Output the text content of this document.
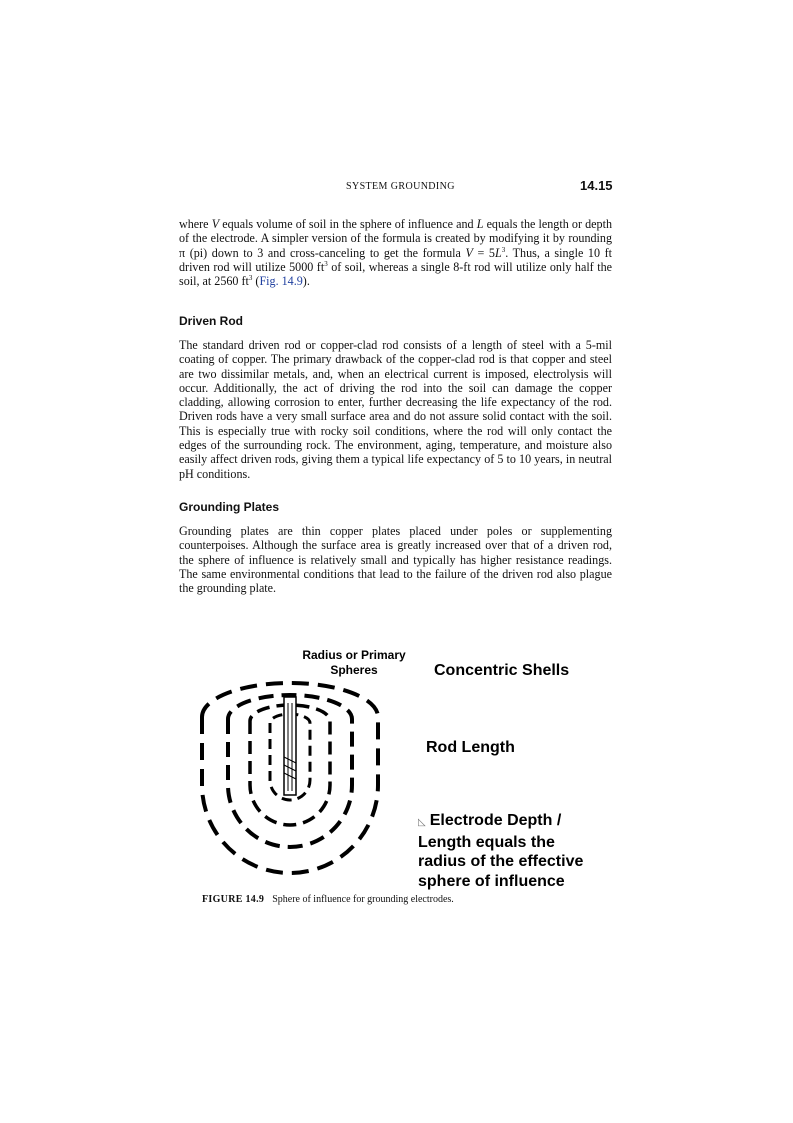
SYSTEM GROUNDING	14.15

where V equals volume of soil in the sphere of influence and L equals the length or depth of the electrode. A simpler version of the formula is created by modifying it by rounding π (pi) down to 3 and cross-canceling to get the formula $V = 5L^3$. Thus, a single 10 ft driven rod will utilize 5000 $ft^3$ of soil, whereas a single 8-ft rod will utilize only half the soil, at 2560 $ft^3$ (Fig. 14.9).

Driven Rod

The standard driven rod or copper-clad rod consists of a length of steel with a 5-mil coating of copper. The primary drawback of the copper-clad rod is that copper and steel are two dissimilar metals, and, when an electrical current is imposed, electrolysis will occur. Additionally, the act of driving the rod into the soil can damage the copper cladding, allowing corrosion to enter, further decreasing the life expectancy of the rod. Driven rods have a very small surface area and do not assure solid contact with the soil. This is especially true with rocky soil conditions, where the rod will only contact the edges of the surrounding rock. The environment, aging, temperature, and moisture also easily affect driven rods, giving them a typical life expectancy of 5 to 10 years, in neutral pH conditions.

Grounding Plates

Grounding plates are thin copper plates placed under poles or supplementing counterpoises. Although the surface area is greatly increased over that of a driven rod, the sphere of influence is relatively small and typically has higher resistance readings. The same environmental conditions that lead to the failure of the driven rod also plague the grounding plate.

Radius or Primary
Spheres	Concentric Shells
Rod Length
◺ Electrode Depth /
Length equals the
radius of the effective
sphere of influence
FIGURE 14.9 Sphere of influence for grounding electrodes.
